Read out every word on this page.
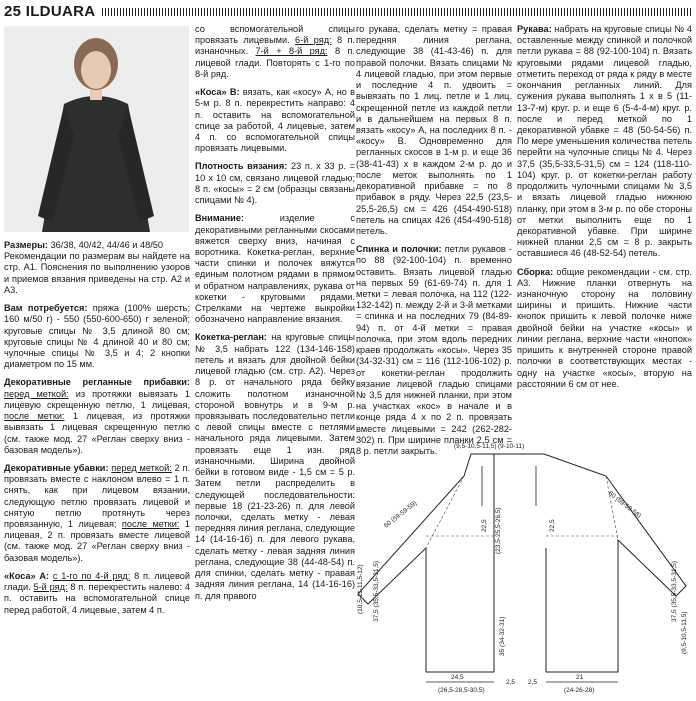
25 ILDUARA

Размеры: 36/38, 40/42, 44/46 и 48/50
Рекомендации по размерам вы найдете на стр. А1. Пояснения по выполнению узоров и приемов вязания приведены на стр. А2 и А3.

Вам потребуется: пряжа (100% шерсть; 160 м/50 г) - 550 (550-600-650) г зеленой; круговые спицы № 3,5 длиной 80 см; круговые спицы № 4 длиной 40 и 80 см; чулочные спицы № 3,5 и 4; 2 кнопки диаметром по 15 мм.

Декоративные регланные прибавки: перед меткой: из протяжки вывязать 1 лицевую скрещенную петлю, 1 лицевая, после метки: 1 лицевая, из протяжки вывязать 1 лицевая скрещенную петлю (см. также мод. 27 «Реглан сверху вниз - базовая модель»).

Декоративные убавки: перед меткой: 2 п. провязать вместе с наклоном влево = 1 п. снять, как при лицевом вязании, следующую петлю провязать лицевой и снятую петлю протянуть через провязанную, 1 лицевая; после метки: 1 лицевая, 2 п. провязать вместе лицевой (см. также мод. 27 «Реглан сверху вниз - базовая модель»).

«Коса» А: с 1-го по 4-й ряд: 8 п. лицевой глади. 5-й ряд: 8 п. перекрестить налево: 4 п. оставить на вспомогательной спице перед работой, 4 лицевые, затем 4 п.

со вспомогательной спицы провязать лицевыми. 6-й ряд: 8 п. изнаночных. 7-й + 8-й ряд: 8 п. лицевой глади. Повторять с 1-го по 8-й ряд.

«Коса» В: вязать, как «косу» А, но в 5-м р. 8 п. перекрестить направо: 4 п. оставить на вспомогательной спице за работой, 4 лицевые, затем 4 п. со вспомогательной спицы провязать лицевыми.

Плотность вязания: 23 п. x 33 р. = 10 x 10 см, связано лицевой гладью; 8 п. «косы» = 2 см (образцы связаны спицами № 4).

Внимание:	изделие с декоративными регланными скосами вяжется сверху вниз, начиная с воротника. Кокетка-реглан, верхние части спинки и полочек вяжутся единым полотном рядами в прямом и обратном направлениях, рукава от кокетки - круговыми рядами. Стрелками на чертеже выкройки обозначено направление вязания.

Кокетка-реглан: на круговые спицы № 3,5 набрать 122 (134-146-158) петель и вязать для двойной бейки лицевой гладью (см. стр. А2). Через 8 р. от начального ряда бейку сложить полотном изнаночной стороной вовнутрь и в 9-м р. провязывать последовательно петли с левой спицы вместе с петлями начального ряда лицевыми. Затем провязать еще 1 изн. ряд изнаночными. Ширина двойной бейки в готовом виде - 1,5 см = 5 р. Затем петли распределить в следующей последовательности: первые 18 (21-23-26) п. для левой полочки, сделать метку - левая передняя линия реглана, следующие 14 (14-16-16) п. для левого рукава, сделать метку - левая задняя линия реглана, следующие 38 (44-48-54) п. для спинки, сделать метку - правая задняя линия реглана, 14 (14-16-16) п. для правого

го рукава, сделать метку = правая передняя линия реглана, следующие 38 (41-43-46) п. для правой полочки. Вязать спицами № 4 лицевой гладью, при этом первые и последние 4 п. удвоить = вывязать по 1 лиц. петле и 1 лиц. скрещенной петле из каждой петли и в дальнейшем на первых 8 п. вязать «косу» А, на последних 8 п. - «косу» В. Одновременно для регланных скосов в 1-м р. и еще 36 (38-41-43) x в каждом 2-м р. до и после меток выполнять по 1 декоративной прибавке = по 8 прибавок в ряду. Через 22,5 (23,5-25,5-26,5) см = 426 (454-490-518) петель на спицах 426 (454-490-518) петель.

Спинка и полочки: петли рукавов - по 88 (92-100-104) п. временно оставить. Вязать лицевой гладью на первых 59 (61-69-74) п. для 1 метки = левая полочка, на 112 (122-132-142) п. между 2-й и 3-й метками = спинка и на последних 79 (84-89-94) п. от 4-й метки = правая полочка, при этом вдоль передних краев продолжать «косы». Через 35 (34-32-31) см = 116 (112-106-102) р. от кокетки-реглан продолжить вязание лицевой гладью спицами № 3,5 для нижней планки, при этом на участках «кос» в начале и в конце ряда 4 x по 2 п. провязать вместе лицевыми = 242 (262-282-302) п. При ширине планки 2,5 см = 8 р. петли закрыть.

Рукава: набрать на круговые спицы № 4 оставленные между спинкой и полочкой петли рукава = 88 (92-100-104) п. Вязать круговыми рядами лицевой гладью, отметить переход от ряда к ряду в месте окончания регланных линий. Для сужения рукава выполнять 1 x в 5 (11-13-7-м) круг. р. и еще 6 (5-4-4-м) круг. р. после и перед меткой по 1 декоративной убавке = 48 (50-54-56) п. По мере уменьшения количества петель перейти на чулочные спицы № 4. Через 37,5 (35,5-33,5-31,5) см = 124 (118-110-104) круг. р. от кокетки-реглан работу продолжить чулочными спицами № 3,5 и вязать лицевой гладью нижнюю планку, при этом в 3-м р. по обе стороны от метки выполнить еще по 1 декоративной убавке. При ширине нижней планки 2,5 см = 8 р. закрыть оставшиеся 46 (48-52-54) петель.

Сборка: общие рекомендации - см. стр. А3. Нижние планки отвернуть на изнаночную сторону на половину ширины и пришить. Нижние части кнопок пришить к левой полочке ниже двойной бейки на участке «косы» и линии реглана, верхние части «кнопок» пришить к внутренней стороне правой полочки в соответствующих местах - одну на участке «косы», вторую на расстоянии 6 см от нее.

(9,5-10,5-11,5) (9-10-11)
60 (59-59-59)	60 (59-59-58)
22,5 (23,5-25,5-26,5)	22,5
35 (34-32-31)
37,5 (35,5-33,5-31,5)	37,5 (35,5-33,5-31,5)
(10,5-11-11,5-12)
(9,5-10,5-11,5)
24,5
(26,5-28,5-30,5)
21
(24-26-28)
2,5 2,5
